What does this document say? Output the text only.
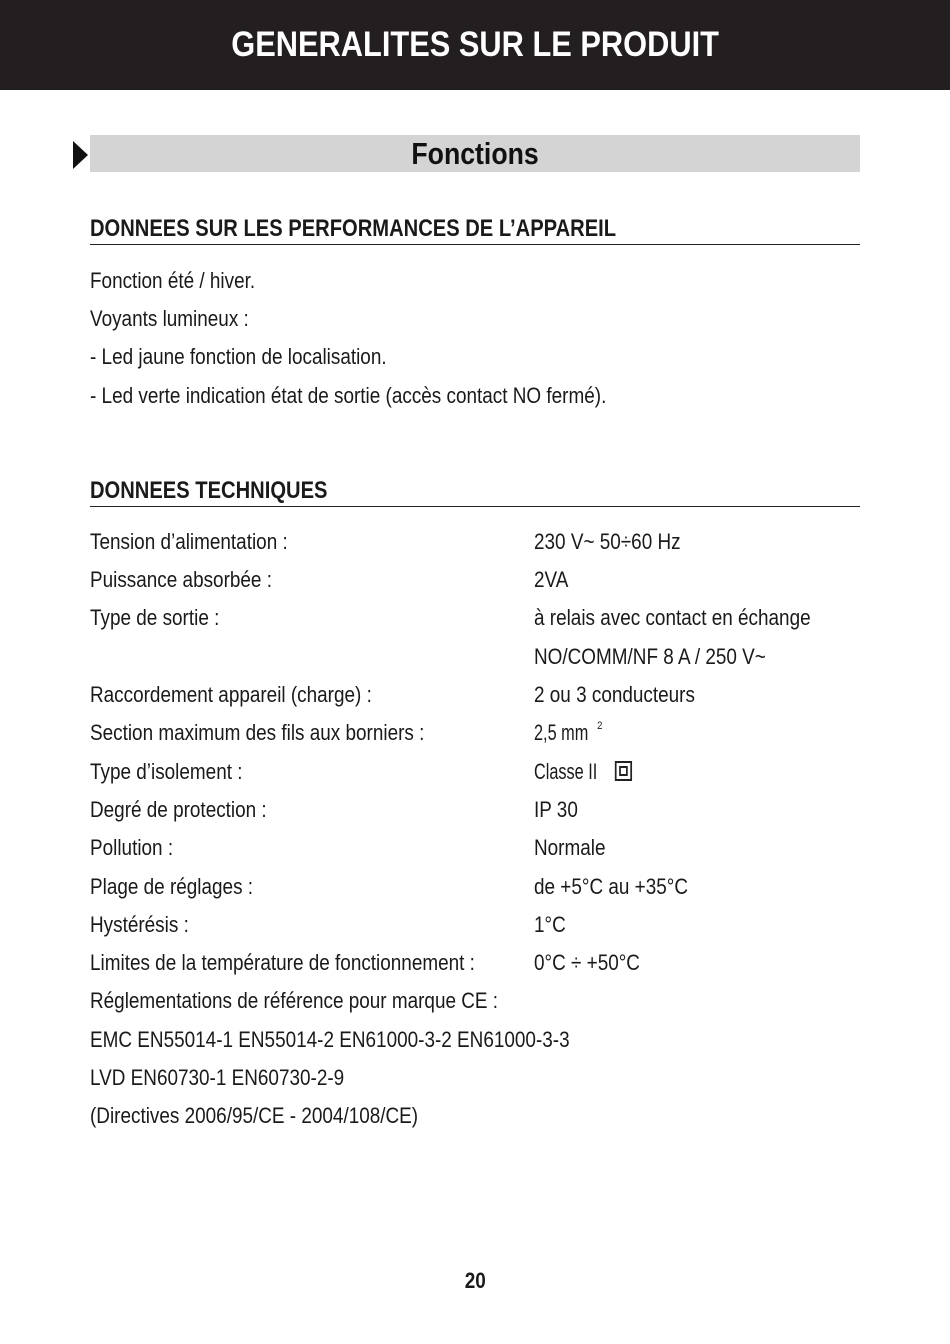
GENERALITES SUR LE PRODUIT
Fonctions
DONNEES SUR LES PERFORMANCES DE L’APPAREIL
Fonction été / hiver.
Voyants lumineux :
- Led jaune fonction de localisation.
- Led verte indication état de sortie (accès contact NO fermé).
DONNEES TECHNIQUES
Tension d’alimentation :	230 V~ 50÷60 Hz
Puissance absorbée :	2VA
Type de sortie :	à relais avec contact en échange
NO/COMM/NF 8 A / 250 V~
Raccordement appareil (charge) :	2 ou 3 conducteurs
Section maximum des fils aux borniers :	2,5 mm $^2$
Type d’isolement :	Classe II
Degré de protection :	IP 30
Pollution :	Normale
Plage de réglages :	de +5°C au +35°C
Hystérésis :	1°C
Limites de la température de fonctionnement :	0°C ÷ +50°C
Réglementations de référence pour marque CE :
EMC EN55014-1 EN55014-2 EN61000-3-2 EN61000-3-3
LVD EN60730-1 EN60730-2-9
(Directives 2006/95/CE - 2004/108/CE)
20
